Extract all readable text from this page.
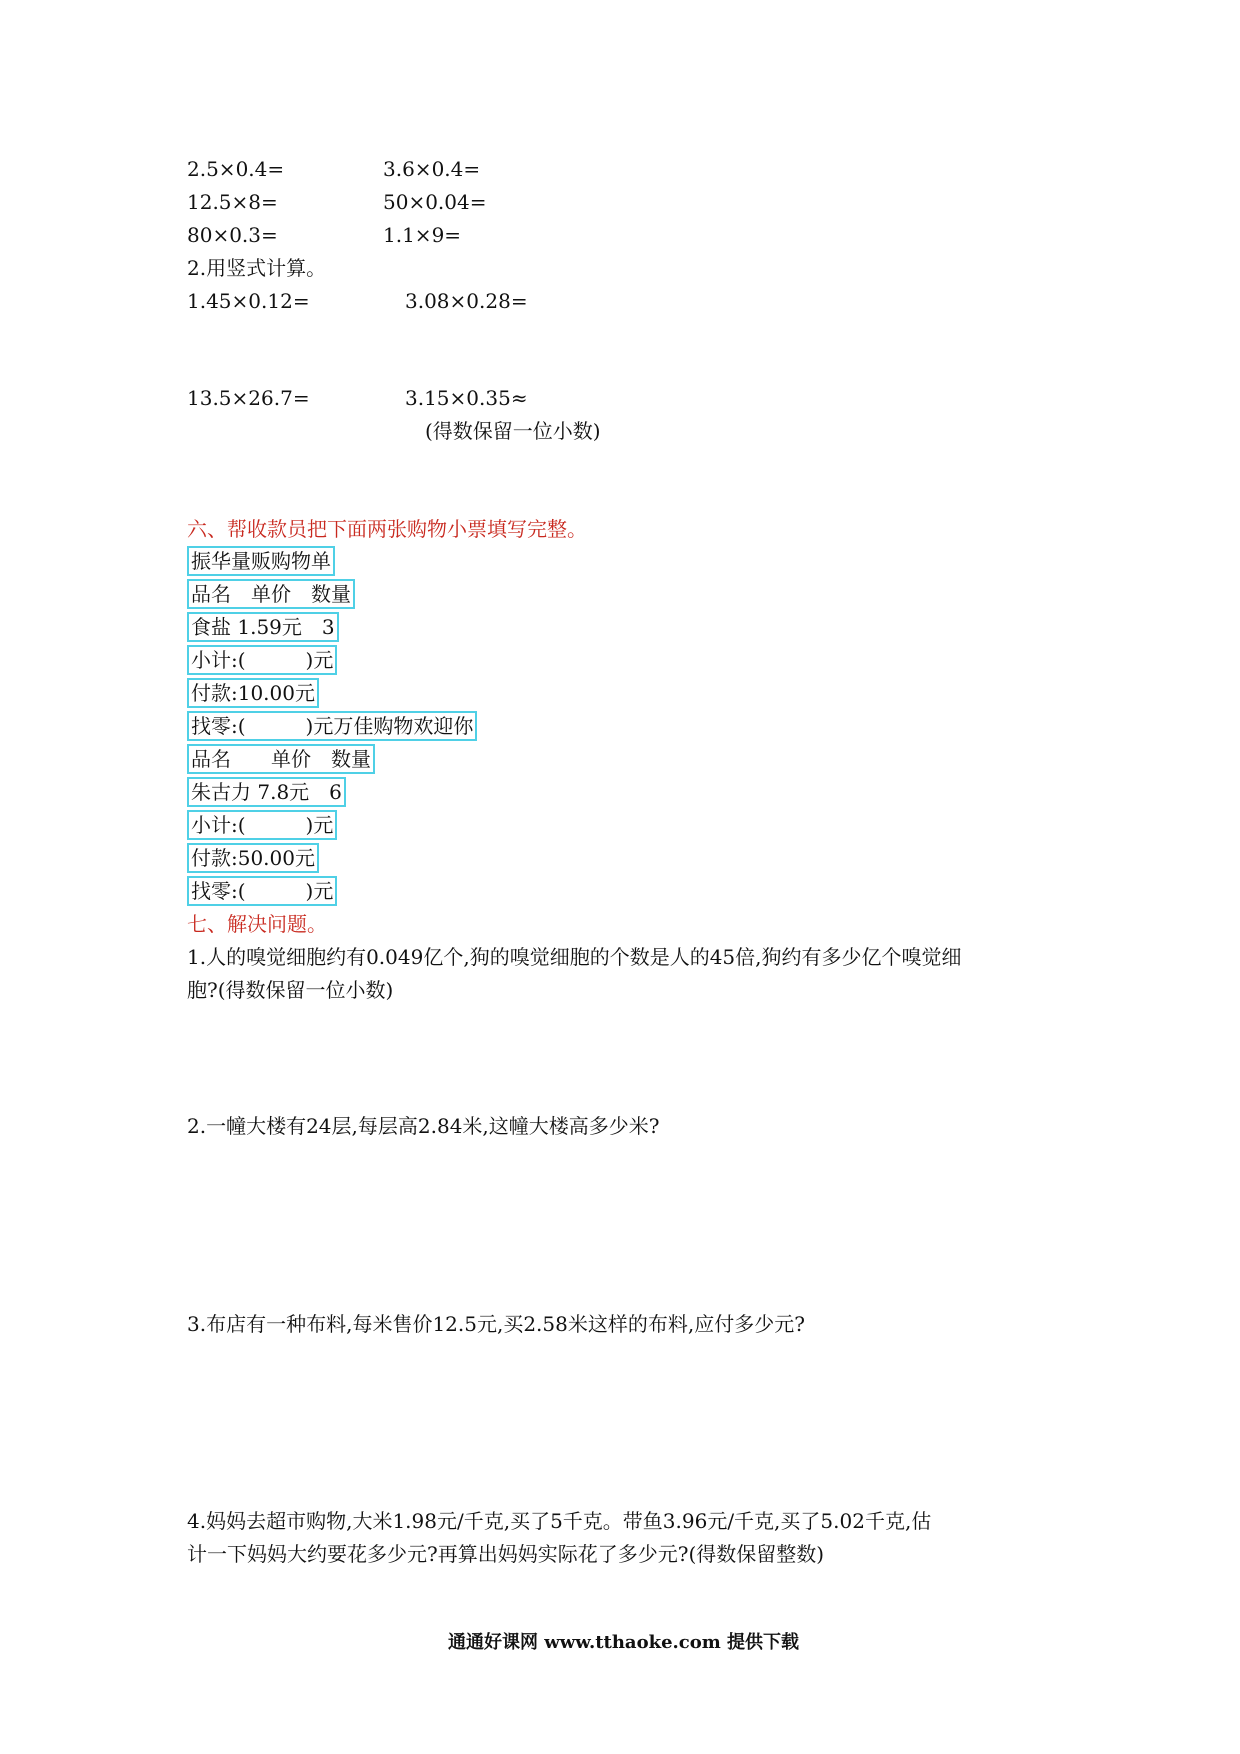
2.5×0.4=	3.6×0.4=
12.5×8=	50×0.04=
80×0.3=	1.1×9=
2.用竖式计算。
1.45×0.12=	3.08×0.28=
13.5×26.7=	3.15×0.35≈
(得数保留一位小数)
六、帮收款员把下面两张购物小票填写完整。
振华量贩购物单
品名　单价　数量
食盐 1.59元　3
小计:(　　　)元
付款:10.00元
找零:(　　　)元万佳购物欢迎你
品名　　单价　数量
朱古力 7.8元　6
小计:(　　　)元
付款:50.00元
找零:(　　　)元
七、解决问题。
1.人的嗅觉细胞约有0.049亿个,狗的嗅觉细胞的个数是人的45倍,狗约有多少亿个嗅觉细
胞?(得数保留一位小数)
2.一幢大楼有24层,每层高2.84米,这幢大楼高多少米?
3.布店有一种布料,每米售价12.5元,买2.58米这样的布料,应付多少元?
4.妈妈去超市购物,大米1.98元/千克,买了5千克。带鱼3.96元/千克,买了5.02千克,估
计一下妈妈大约要花多少元?再算出妈妈实际花了多少元?(得数保留整数)
通通好课网 www.tthaoke.com 提供下载
